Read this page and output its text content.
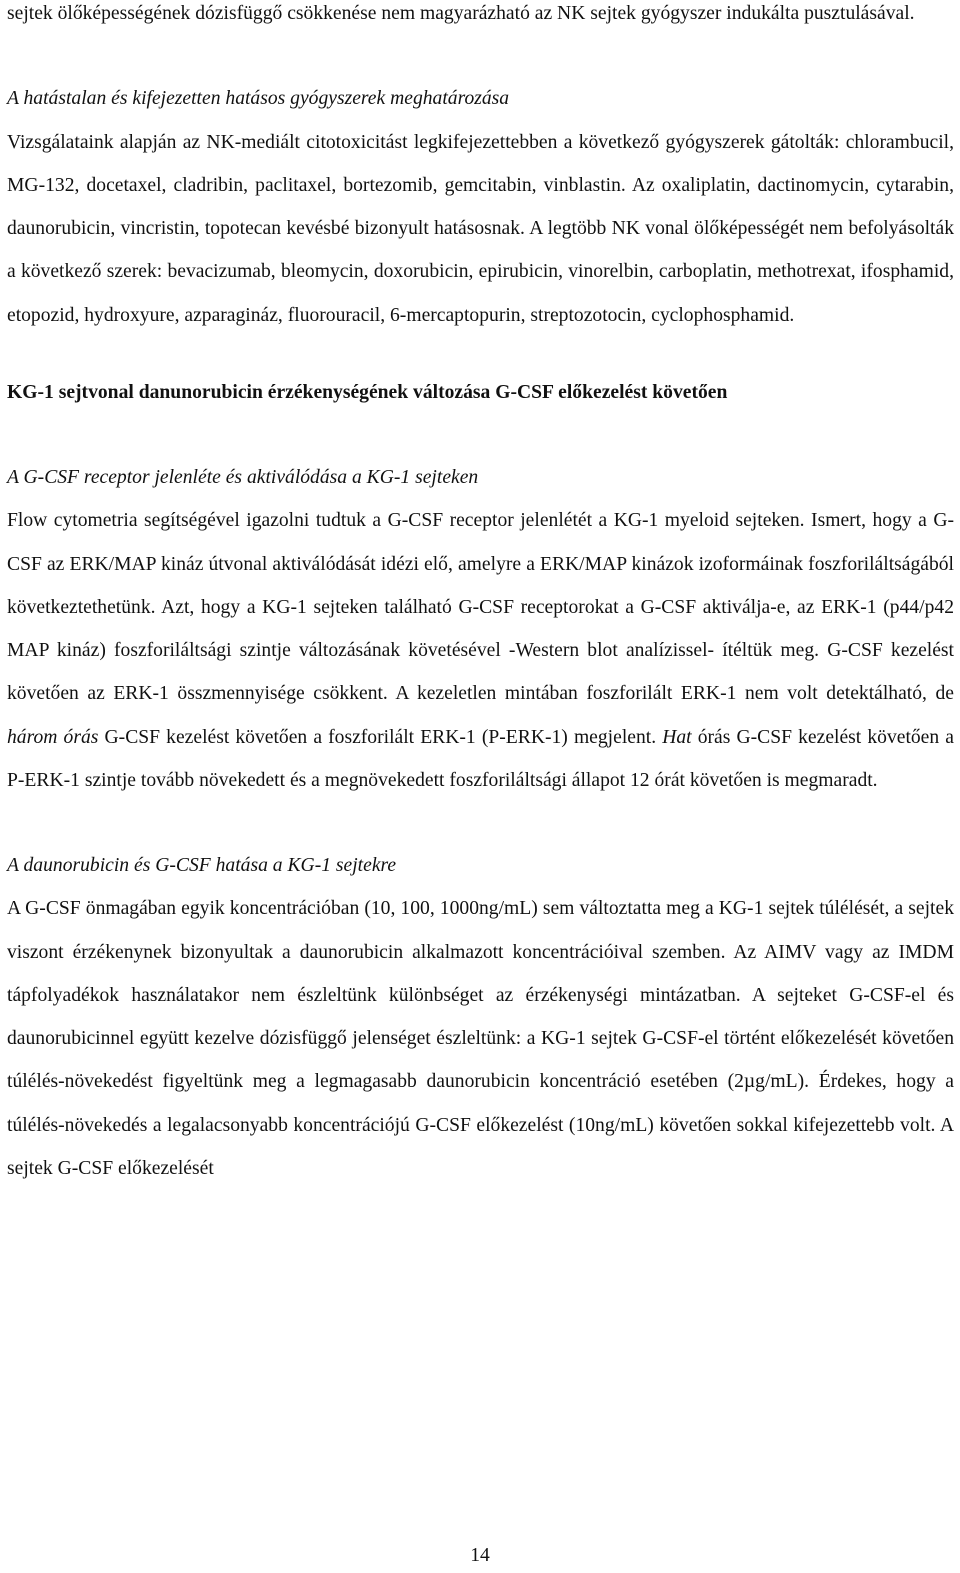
sejtek ölőképességének dózisfüggő csökkenése nem magyarázható az NK sejtek gyógyszer indukálta pusztulásával.

A hatástalan és kifejezetten hatásos gyógyszerek meghatározása

Vizsgálataink alapján az NK-mediált citotoxicitást legkifejezettebben a következő gyógyszerek gátolták: chlorambucil, MG-132, docetaxel, cladribin, paclitaxel, bortezomib, gemcitabin, vinblastin. Az oxaliplatin, dactinomycin, cytarabin, daunorubicin, vincristin, topotecan kevésbé bizonyult hatásosnak. A legtöbb NK vonal ölőképességét nem befolyásolták a következő szerek: bevacizumab, bleomycin, doxorubicin, epirubicin, vinorelbin, carboplatin, methotrexat, ifosphamid, etopozid, hydroxyure, azparagináz, fluorouracil, 6-mercaptopurin, streptozotocin, cyclophosphamid.

KG-1 sejtvonal danunorubicin érzékenységének változása G-CSF előkezelést követően

A G-CSF receptor jelenléte és aktiválódása a KG-1 sejteken

Flow cytometria segítségével igazolni tudtuk a G-CSF receptor jelenlétét a KG-1 myeloid sejteken. Ismert, hogy a G-CSF az ERK/MAP kináz útvonal aktiválódását idézi elő, amelyre a ERK/MAP kinázok izoformáinak foszforiláltságából következtethetünk. Azt, hogy a KG-1 sejteken található G-CSF receptorokat a G-CSF aktiválja-e, az ERK-1 (p44/p42 MAP kináz) foszforiláltsági szintje változásának követésével -Western blot analízissel- ítéltük meg. G-CSF kezelést követően az ERK-1 összmennyisége csökkent. A kezeletlen mintában foszforilált ERK-1 nem volt detektálható, de három órás G-CSF kezelést követően a foszforilált ERK-1 (P-ERK-1) megjelent. Hat órás G-CSF kezelést követően a P-ERK-1 szintje tovább növekedett és a megnövekedett foszforiláltsági állapot 12 órát követően is megmaradt.

A daunorubicin és G-CSF hatása a KG-1 sejtekre

A G-CSF önmagában egyik koncentrációban (10, 100, 1000ng/mL) sem változtatta meg a KG-1 sejtek túlélését, a sejtek viszont érzékenynek bizonyultak a daunorubicin alkalmazott koncentrációival szemben. Az AIMV vagy az IMDM tápfolyadékok használatakor nem észleltünk különbséget az érzékenységi mintázatban. A sejteket G-CSF-el és daunorubicinnel együtt kezelve dózisfüggő jelenséget észleltünk: a KG-1 sejtek G-CSF-el történt előkezelését követően túlélés-növekedést figyeltünk meg a legmagasabb daunorubicin koncentráció esetében (2µg/mL). Érdekes, hogy a túlélés-növekedés a legalacsonyabb koncentrációjú G-CSF előkezelést (10ng/mL) követően sokkal kifejezettebb volt. A sejtek G-CSF előkezelését

14
